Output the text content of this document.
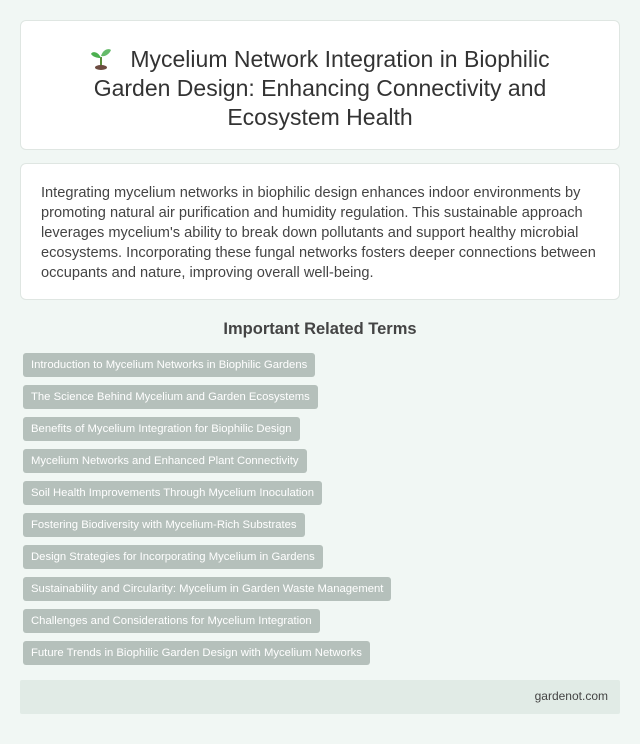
Mycelium Network Integration in Biophilic Garden Design: Enhancing Connectivity and Ecosystem Health

Integrating mycelium networks in biophilic design enhances indoor environments by promoting natural air purification and humidity regulation. This sustainable approach leverages mycelium's ability to break down pollutants and support healthy microbial ecosystems. Incorporating these fungal networks fosters deeper connections between occupants and nature, improving overall well-being.

Important Related Terms
Introduction to Mycelium Networks in Biophilic Gardens
The Science Behind Mycelium and Garden Ecosystems
Benefits of Mycelium Integration for Biophilic Design
Mycelium Networks and Enhanced Plant Connectivity
Soil Health Improvements Through Mycelium Inoculation
Fostering Biodiversity with Mycelium-Rich Substrates
Design Strategies for Incorporating Mycelium in Gardens
Sustainability and Circularity: Mycelium in Garden Waste Management
Challenges and Considerations for Mycelium Integration
Future Trends in Biophilic Garden Design with Mycelium Networks
gardenot.com
